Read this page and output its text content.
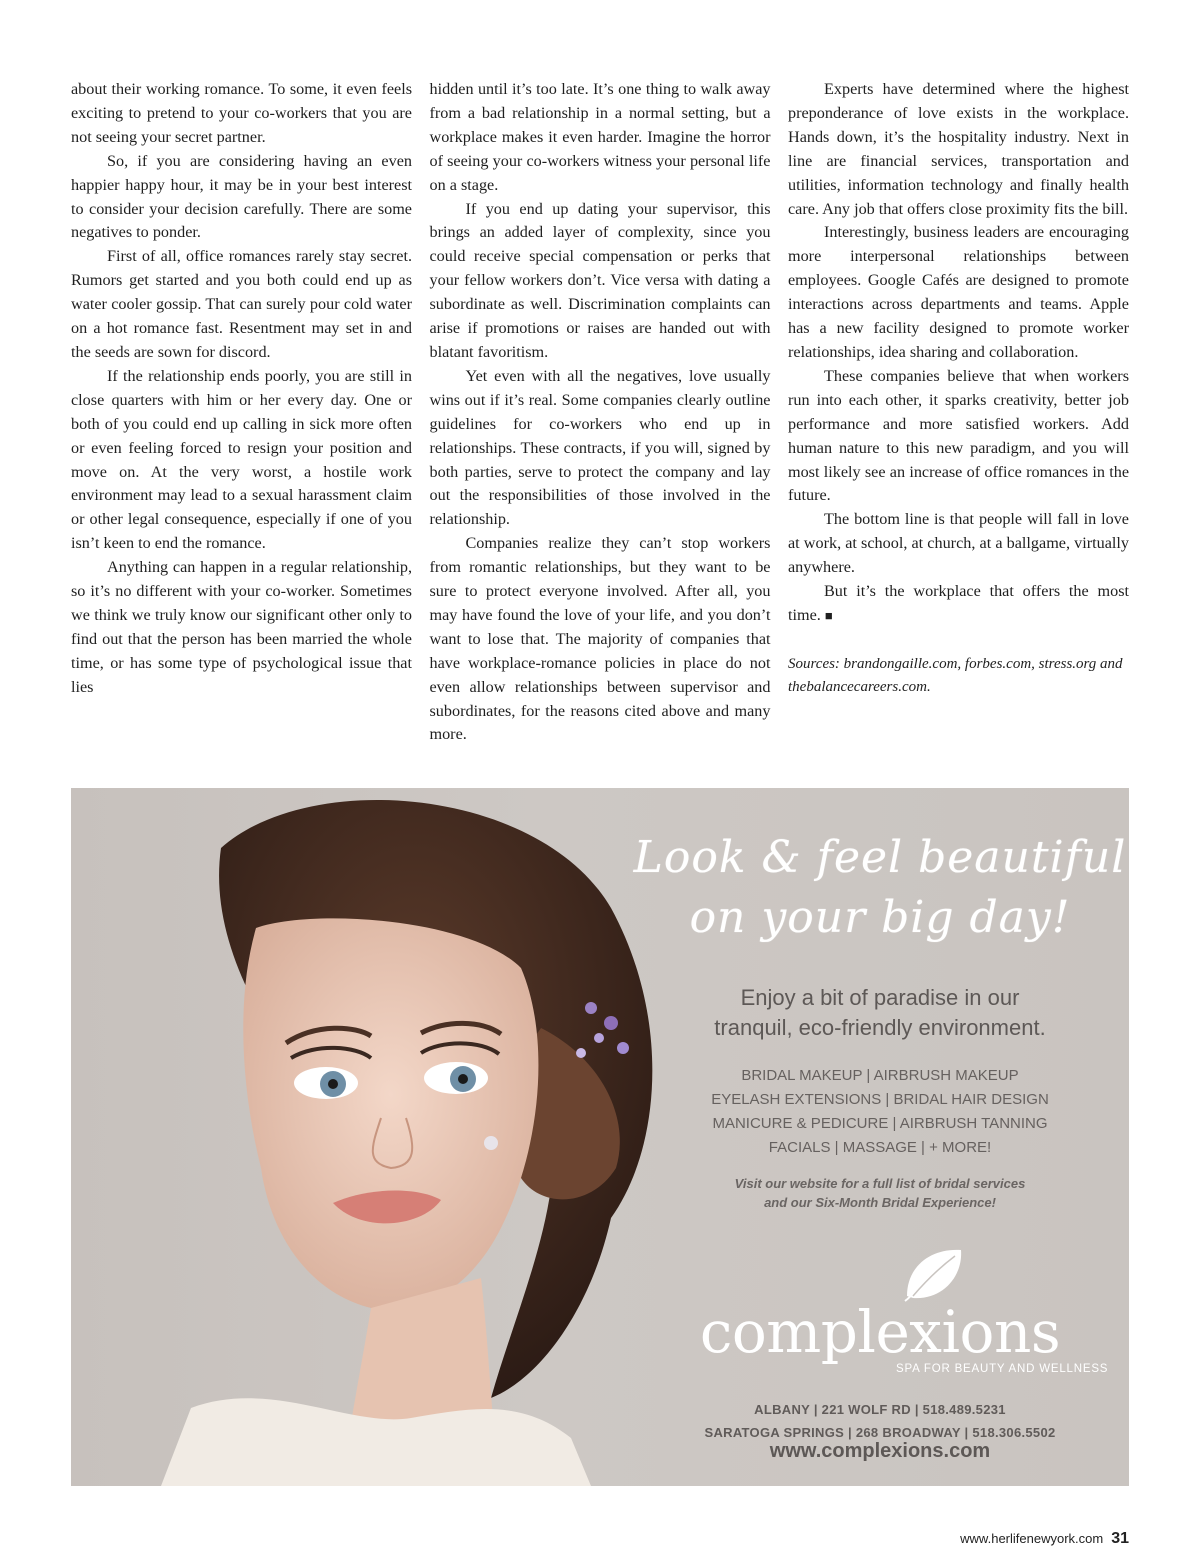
about their working romance. To some, it even feels exciting to pretend to your co-workers that you are not seeing your secret partner.

So, if you are considering having an even happier happy hour, it may be in your best interest to consider your decision carefully. There are some negatives to ponder.

First of all, office romances rarely stay secret. Rumors get started and you both could end up as water cooler gossip. That can surely pour cold water on a hot romance fast. Resentment may set in and the seeds are sown for discord.

If the relationship ends poorly, you are still in close quarters with him or her every day. One or both of you could end up calling in sick more often or even feeling forced to resign your position and move on. At the very worst, a hostile work environment may lead to a sexual harassment claim or other legal consequence, especially if one of you isn’t keen to end the romance.

Anything can happen in a regular relationship, so it’s no different with your co-worker. Sometimes we think we truly know our significant other only to find out that the person has been married the whole time, or has some type of psychological issue that lies

hidden until it’s too late. It’s one thing to walk away from a bad relationship in a normal setting, but a workplace makes it even harder. Imagine the horror of seeing your co-workers witness your personal life on a stage.

If you end up dating your supervisor, this brings an added layer of complexity, since you could receive special compensation or perks that your fellow workers don’t. Vice versa with dating a subordinate as well. Discrimination complaints can arise if promotions or raises are handed out with blatant favoritism.

Yet even with all the negatives, love usually wins out if it’s real. Some companies clearly outline guidelines for co-workers who end up in relationships. These contracts, if you will, signed by both parties, serve to protect the company and lay out the responsibilities of those involved in the relationship.

Companies realize they can’t stop workers from romantic relationships, but they want to be sure to protect everyone involved. After all, you may have found the love of your life, and you don’t want to lose that. The majority of companies that have workplace-romance policies in place do not even allow relationships between supervisor and subordinates, for the reasons cited above and many more.

Experts have determined where the highest preponderance of love exists in the workplace. Hands down, it’s the hospitality industry. Next in line are financial services, transportation and utilities, information technology and finally health care. Any job that offers close proximity fits the bill.

Interestingly, business leaders are encouraging more interpersonal relationships between employees. Google Cafés are designed to promote interactions across departments and teams. Apple has a new facility designed to promote worker relationships, idea sharing and collaboration.

These companies believe that when workers run into each other, it sparks creativity, better job performance and more satisfied workers. Add human nature to this new paradigm, and you will most likely see an increase of office romances in the future.

The bottom line is that people will fall in love at work, at school, at church, at a ballgame, virtually anywhere.

But it’s the workplace that offers the most time. ■

Sources: brandongaille.com, forbes.com, stress.org and thebalancecareers.com.

Look & feel beautiful
on your big day!
Enjoy a bit of paradise in our
tranquil, eco-friendly environment.
BRIDAL MAKEUP | AIRBRUSH MAKEUP
EYELASH EXTENSIONS | BRIDAL HAIR DESIGN
MANICURE & PEDICURE | AIRBRUSH TANNING
FACIALS | MASSAGE | + MORE!
Visit our website for a full list of bridal services
and our Six-Month Bridal Experience!
complexions
SPA FOR BEAUTY AND WELLNESS
ALBANY | 221 WOLF RD | 518.489.5231
SARATOGA SPRINGS | 268 BROADWAY | 518.306.5502
www.complexions.com
www.herlifenewyork.com 31
